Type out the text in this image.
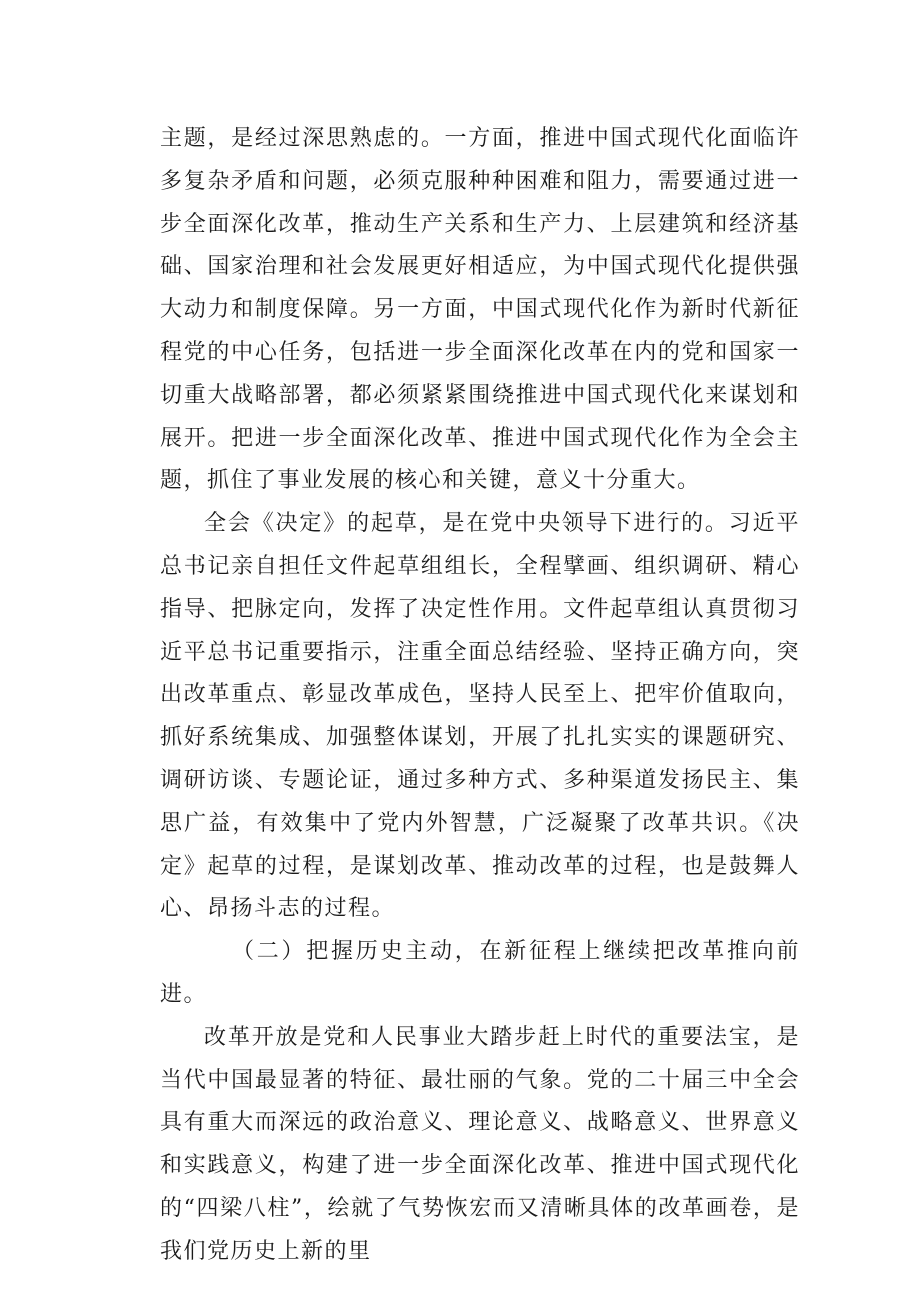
主题，是经过深思熟虑的。一方面，推进中国式现代化面临许多复杂矛盾和问题，必须克服种种困难和阻力，需要通过进一步全面深化改革，推动生产关系和生产力、上层建筑和经济基础、国家治理和社会发展更好相适应，为中国式现代化提供强大动力和制度保障。另一方面，中国式现代化作为新时代新征程党的中心任务，包括进一步全面深化改革在内的党和国家一切重大战略部署，都必须紧紧围绕推进中国式现代化来谋划和展开。把进一步全面深化改革、推进中国式现代化作为全会主题，抓住了事业发展的核心和关键，意义十分重大。

全会《决定》的起草，是在党中央领导下进行的。习近平总书记亲自担任文件起草组组长，全程擘画、组织调研、精心指导、把脉定向，发挥了决定性作用。文件起草组认真贯彻习近平总书记重要指示，注重全面总结经验、坚持正确方向，突出改革重点、彰显改革成色，坚持人民至上、把牢价值取向，抓好系统集成、加强整体谋划，开展了扎扎实实的课题研究、调研访谈、专题论证，通过多种方式、多种渠道发扬民主、集思广益，有效集中了党内外智慧，广泛凝聚了改革共识。《决定》起草的过程，是谋划改革、推动改革的过程，也是鼓舞人心、昂扬斗志的过程。

（二）把握历史主动，在新征程上继续把改革推向前进。

改革开放是党和人民事业大踏步赶上时代的重要法宝，是当代中国最显著的特征、最壮丽的气象。党的二十届三中全会具有重大而深远的政治意义、理论意义、战略意义、世界意义和实践意义，构建了进一步全面深化改革、推进中国式现代化的“四梁八柱”，绘就了气势恢宏而又清晰具体的改革画卷，是我们党历史上新的里
